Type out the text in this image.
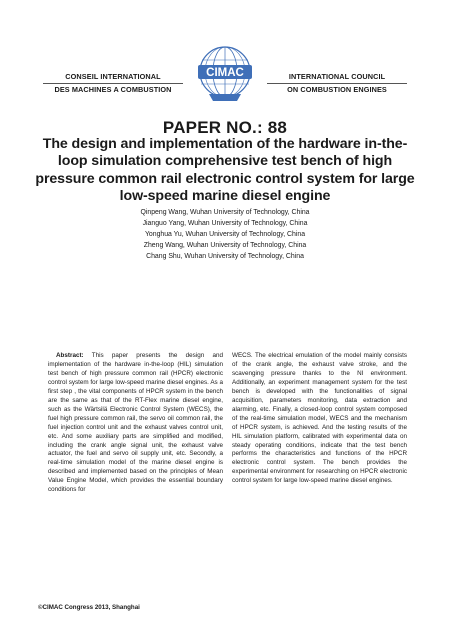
CONSEIL INTERNATIONAL
DES MACHINES A COMBUSTION
CIMAC	INTERNATIONAL COUNCIL
ON COMBUSTION ENGINES
PAPER NO.: 88
The design and implementation of the hardware in-the-loop simulation comprehensive test bench of high pressure common rail electronic control system for large low-speed marine diesel engine
Qinpeng Wang, Wuhan University of Technology, China
Jianguo Yang, Wuhan University of Technology, China
Yonghua Yu, Wuhan University of Technology, China
Zheng Wang, Wuhan University of Technology, China
Chang Shu, Wuhan University of Technology, China
Abstract: This paper presents the design and implementation of the hardware in-the-loop (HIL) simulation test bench of high pressure common rail (HPCR) electronic control system for large low-speed marine diesel engines. As a first step , the vital components of HPCR system in the bench are the same as that of the RT-Flex marine diesel engine, such as the Wärtsilä Electronic Control System (WECS), the fuel high pressure common rail, the servo oil common rail, the fuel injection control unit and the exhaust valves control unit, etc. And some auxiliary parts are simplified and modified, including the crank angle signal unit, the exhaust valve actuator, the fuel and servo oil supply unit, etc. Secondly, a real-time simulation model of the marine diesel engine is described and implemented based on the principles of Mean Value Engine Model, which provides the essential boundary conditions for
WECS. The electrical emulation of the model mainly consists of the crank angle, the exhaust valve stroke, and the scavenging pressure thanks to the NI environment. Additionally, an experiment management system for the test bench is developed with the functionalities of signal acquisition, parameters monitoring, data extraction and alarming, etc. Finally, a closed-loop control system composed of the real-time simulation model, WECS and the mechanism of HPCR system, is achieved. And the testing results of the HIL simulation platform, calibrated with experimental data on steady operating conditions, indicate that the test bench performs the characteristics and functions of the HPCR electronic control system. The bench provides the experimental environment for researching on HPCR electronic control system for large low-speed marine diesel engines.
©CIMAC Congress 2013, Shanghai
